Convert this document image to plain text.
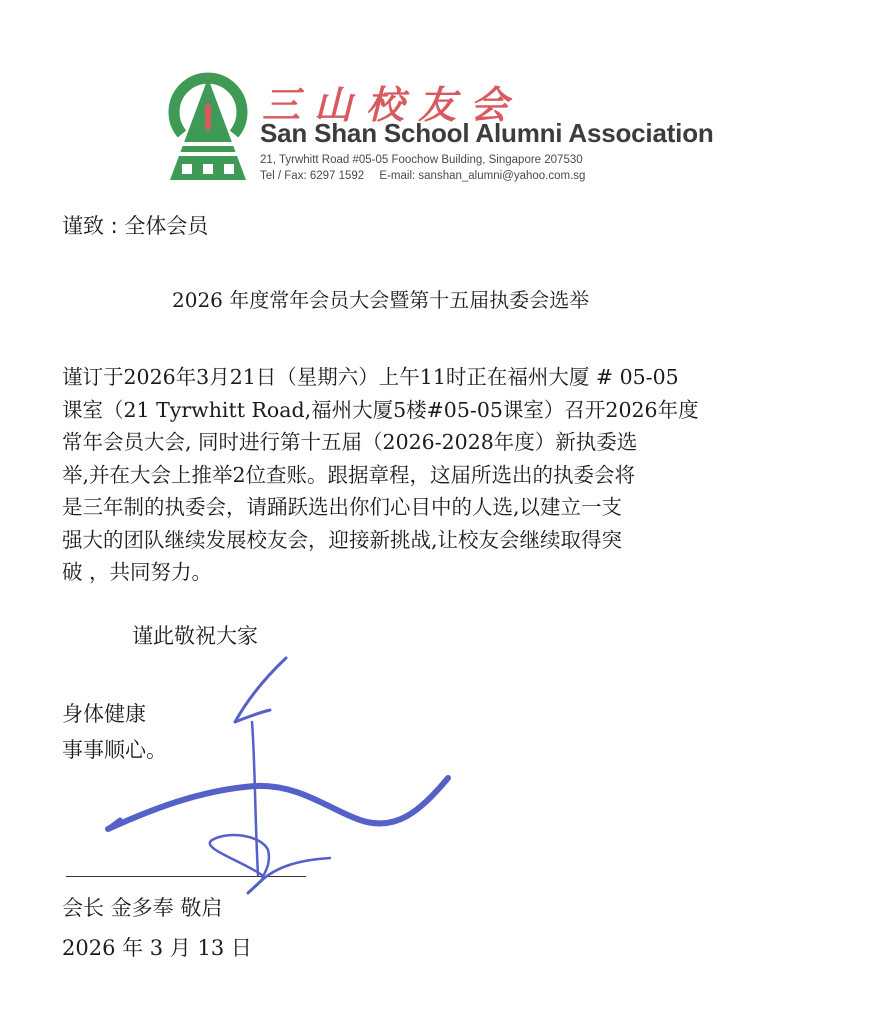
三山校友会
San Shan School Alumni Association
21, Tyrwhitt Road #05-05 Foochow Building, Singapore 207530
Tel / Fax: 6297 1592 E-mail: sanshan_alumni@yahoo.com.sg
谨致 : 全体会员
2026 年度常年会员大会暨第十五届执委会选举
谨订于2026年3月21日（星期六）上午11时正在福州大厦 # 05-05
课室（21 Tyrwhitt Road,福州大厦5楼#05-05课室）召开2026年度
常年会员大会, 同时进行第十五届（2026-2028年度）新执委选
举,并在大会上推举2位查账。跟据章程，这届所选出的执委会将
是三年制的执委会，请踊跃选出你们心目中的人选,以建立一支
强大的团队继续发展校友会，迎接新挑战,让校友会继续取得突
破 ，共同努力。
谨此敬祝大家
身体健康
事事顺心。
会长 金多奉 敬启
2026 年 3 月 13 日
